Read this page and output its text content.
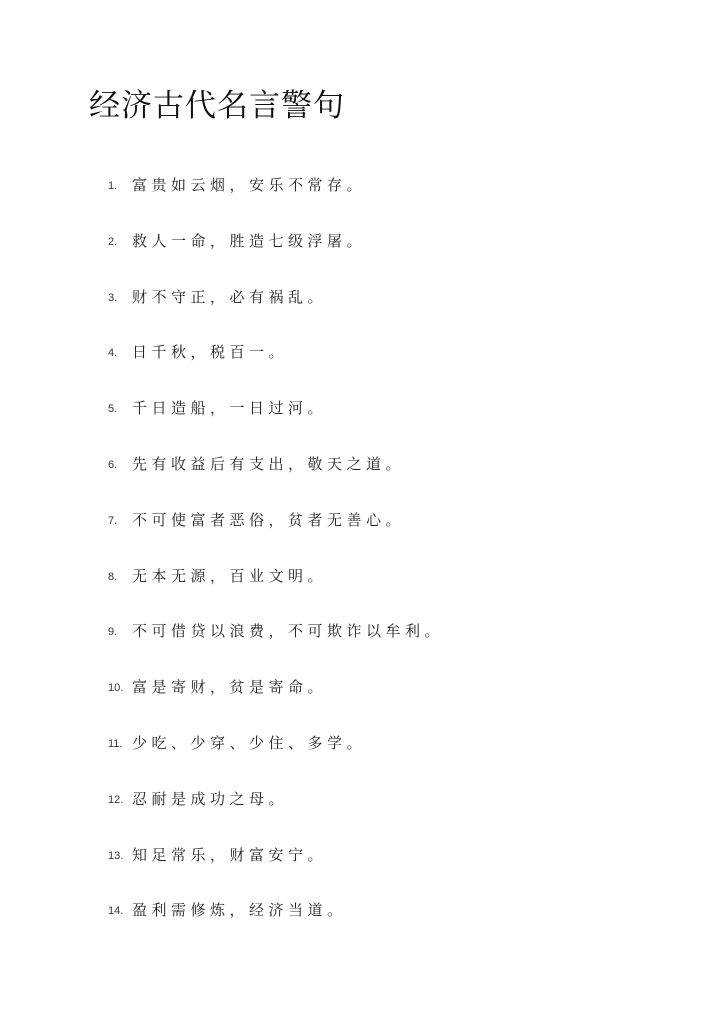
经济古代名言警句
1. 富贵如云烟，安乐不常存。
2. 救人一命，胜造七级浮屠。
3. 财不守正，必有祸乱。
4. 日千秋，税百一。
5. 千日造船，一日过河。
6. 先有收益后有支出，敬天之道。
7. 不可使富者恶俗，贫者无善心。
8. 无本无源，百业文明。
9. 不可借贷以浪费，不可欺诈以牟利。
10. 富是寄财，贫是寄命。
11. 少吃、少穿、少住、多学。
12. 忍耐是成功之母。
13. 知足常乐，财富安宁。
14. 盈利需修炼，经济当道。
